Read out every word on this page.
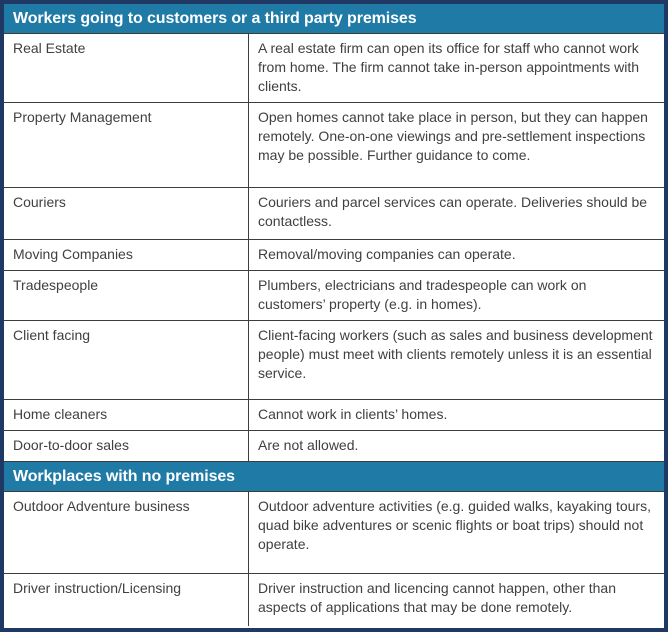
Workers going to customers or a third party premises
Real Estate	A real estate firm can open its office for staff who cannot work from home. The firm cannot take in-person appointments with clients.
Property Management	Open homes cannot take place in person, but they can happen remotely. One-on-one viewings and pre-settlement inspections may be possible. Further guidance to come.
Couriers	Couriers and parcel services can operate. Deliveries should be contactless.
Moving Companies	Removal/moving companies can operate.
Tradespeople	Plumbers, electricians and tradespeople can work on customers’ property (e.g. in homes).
Client facing	Client-facing workers (such as sales and business development people) must meet with clients remotely unless it is an essential service.
Home cleaners	Cannot work in clients’ homes.
Door-to-door sales	Are not allowed.
Workplaces with no premises
Outdoor Adventure business	Outdoor adventure activities (e.g. guided walks, kayaking tours, quad bike adventures or scenic flights or boat trips) should not operate.
Driver instruction/Licensing	Driver instruction and licencing cannot happen, other than aspects of applications that may be done remotely.
